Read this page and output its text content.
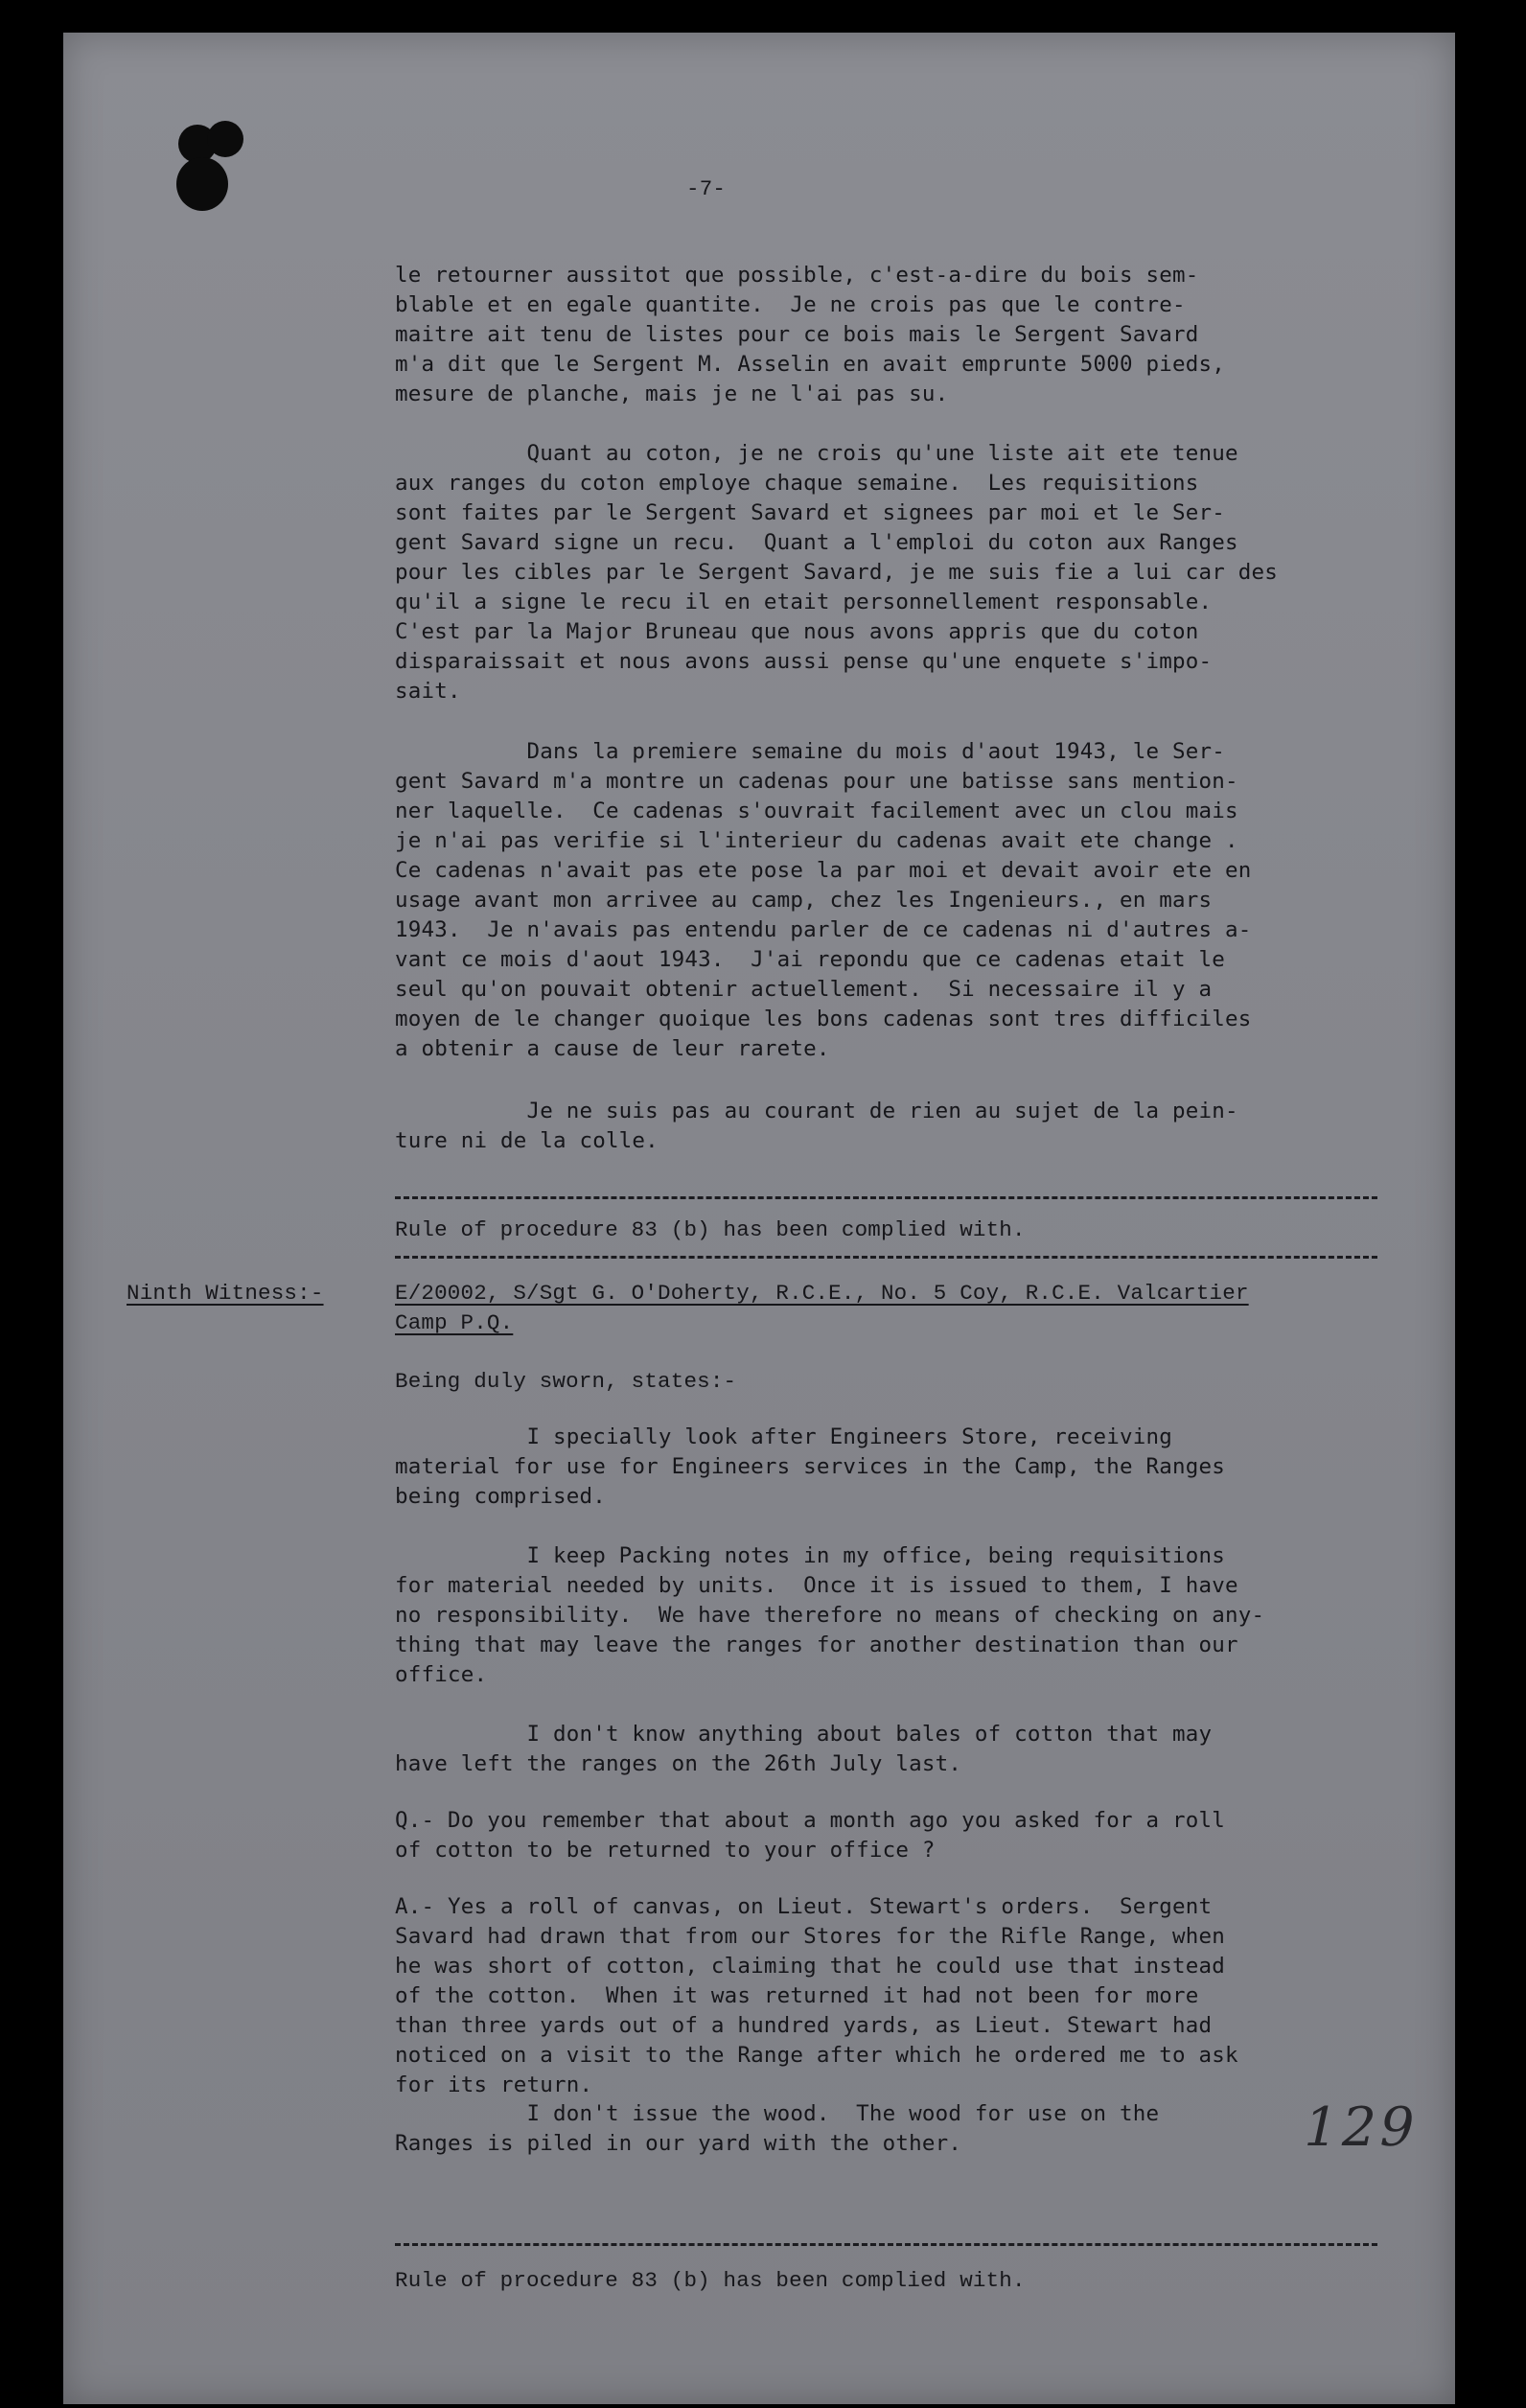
-7-

le retourner aussitot que possible, c'est-a-dire du bois sem-
blable et en egale quantite.  Je ne crois pas que le contre-
maitre ait tenu de listes pour ce bois mais le Sergent Savard
m'a dit que le Sergent M. Asselin en avait emprunte 5000 pieds,
mesure de planche, mais je ne l'ai pas su.
Quant au coton, je ne crois qu'une liste ait ete tenue
aux ranges du coton employe chaque semaine.  Les requisitions
sont faites par le Sergent Savard et signees par moi et le Ser-
gent Savard signe un recu.  Quant a l'emploi du coton aux Ranges
pour les cibles par le Sergent Savard, je me suis fie a lui car des
qu'il a signe le recu il en etait personnellement responsable.
C'est par la Major Bruneau que nous avons appris que du coton
disparaissait et nous avons aussi pense qu'une enquete s'impo-
sait.
Dans la premiere semaine du mois d'aout 1943, le Ser-
gent Savard m'a montre un cadenas pour une batisse sans mention-
ner laquelle.  Ce cadenas s'ouvrait facilement avec un clou mais
je n'ai pas verifie si l'interieur du cadenas avait ete change .
Ce cadenas n'avait pas ete pose la par moi et devait avoir ete en
usage avant mon arrivee au camp, chez les Ingenieurs., en mars
1943.  Je n'avais pas entendu parler de ce cadenas ni d'autres a-
vant ce mois d'aout 1943.  J'ai repondu que ce cadenas etait le
seul qu'on pouvait obtenir actuellement.  Si necessaire il y a
moyen de le changer quoique les bons cadenas sont tres difficiles
a obtenir a cause de leur rarete.
Je ne suis pas au courant de rien au sujet de la pein-
ture ni de la colle.

Rule of procedure 83 (b) has been complied with.

Ninth Witness:-	E/20002, S/Sgt G. O'Doherty, R.C.E., No. 5 Coy, R.C.E. Valcartier

Camp P.Q.

Being duly sworn, states:-

I specially look after Engineers Store, receiving
material for use for Engineers services in the Camp, the Ranges
being comprised.
I keep Packing notes in my office, being requisitions
for material needed by units.  Once it is issued to them, I have
no responsibility.  We have therefore no means of checking on any-
thing that may leave the ranges for another destination than our
office.
I don't know anything about bales of cotton that may
have left the ranges on the 26th July last.
Q.- Do you remember that about a month ago you asked for a roll
of cotton to be returned to your office ?
A.- Yes a roll of canvas, on Lieut. Stewart's orders.  Sergent
Savard had drawn that from our Stores for the Rifle Range, when
he was short of cotton, claiming that he could use that instead
of the cotton.  When it was returned it had not been for more
than three yards out of a hundred yards, as Lieut. Stewart had
noticed on a visit to the Range after which he ordered me to ask
for its return.
I don't issue the wood.  The wood for use on the
Ranges is piled in our yard with the other.	129

Rule of procedure 83 (b) has been complied with.
